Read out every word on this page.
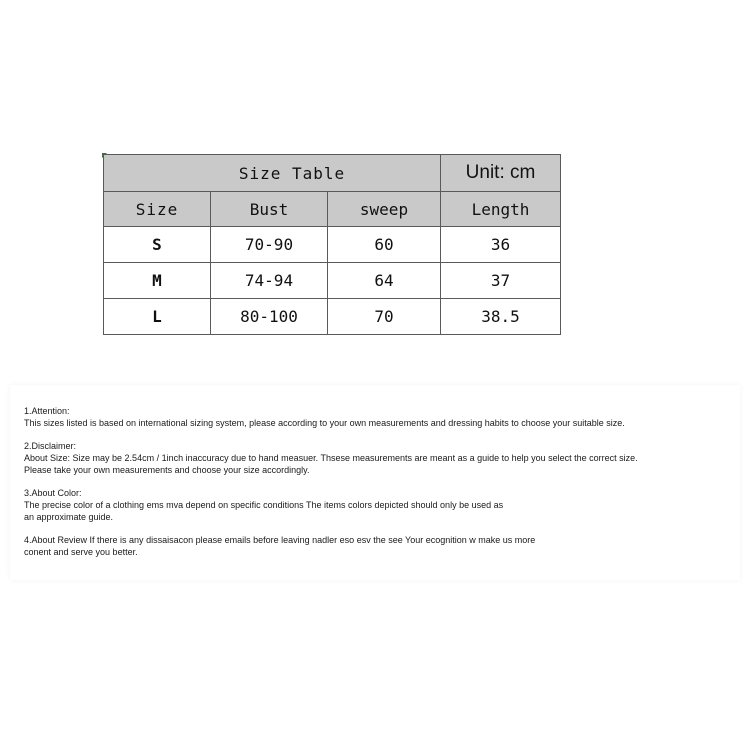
Size Table			Unit: cm
Size	Bust	sweep	Length
S	70-90	60	36
M	74-94	64	37
L	80-100	70	38.5
1.Attention:
This sizes listed is based on international sizing system, please according to your own measurements and dressing habits to choose your suitable size.
2.Disclaimer:
About Size: Size may be 2.54cm / 1inch inaccuracy due to hand measuer. Thsese measurements are meant as a guide to help you select the correct size.
Please take your own measurements and choose your size accordingly.
3.About Color:
The precise color of a clothing ems mva depend on specific conditions The items colors depicted should only be used as
an approximate guide.
4.About Review If there is any dissaisacon please emails before leaving nadler eso esv the see Your ecognition w make us more
conent and serve you better.
